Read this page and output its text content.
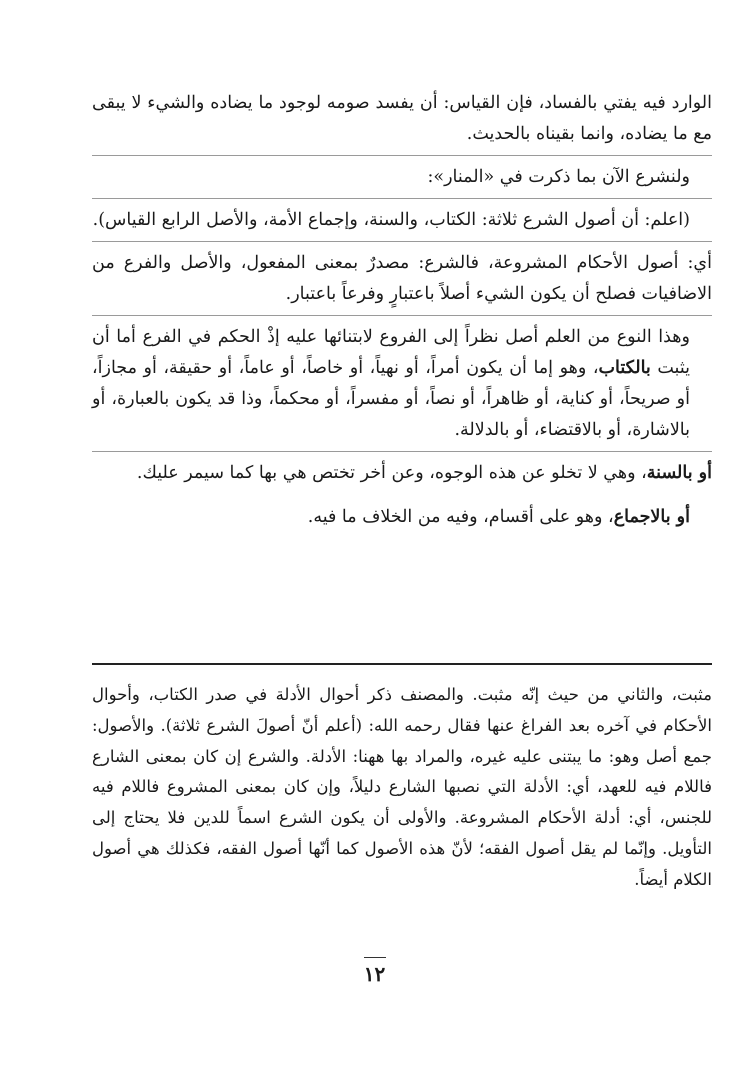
الوارد فيه يفتي بالفساد، فإن القياس: أن يفسد صومه لوجود ما يضاده والشيء لا يبقى مع ما يضاده، وانما بقيناه بالحديث.

ولنشرع الآن بما ذكرت في «المنار»:

(اعلم: أن أصول الشرع ثلاثة: الكتاب، والسنة، وإجماع الأمة، والأصل الرابع القياس).

أي: أصول الأحكام المشروعة، فالشرع: مصدرٌ بمعنى المفعول، والأصل والفرع من الاضافيات فصلح أن يكون الشيء أصلاً باعتبارٍ وفرعاً باعتبار.

وهذا النوع من العلم أصل نظراً إلى الفروع لابتنائها عليه إذْ الحكم في الفرع أما أن يثبت بالكتاب، وهو إما أن يكون أمراً، أو نهياً، أو خاصاً، أو عاماً، أو حقيقة، أو مجازاً، أو صريحاً، أو كناية، أو ظاهراً، أو نصاً، أو مفسراً، أو محكماً، وذا قد يكون بالعبارة، أو بالاشارة، أو بالاقتضاء، أو بالدلالة.

أو بالسنة، وهي لا تخلو عن هذه الوجوه، وعن أخر تختص هي بها كما سيمر عليك.

أو بالاجماع، وهو على أقسام، وفيه من الخلاف ما فيه.

مثبت، والثاني من حيث إنّه مثبت. والمصنف ذكر أحوال الأدلة في صدر الكتاب، وأحوال الأحكام في آخره بعد الفراغ عنها فقال رحمه الله: (أعلم أنّ أصولَ الشرع ثلاثة). والأصول: جمع أصل وهو: ما يبتنى عليه غيره، والمراد بها ههنا: الأدلة. والشرع إن كان بمعنى الشارع فاللام فيه للعهد، أي: الأدلة التي نصبها الشارع دليلاً، وإن كان بمعنى المشروع فاللام فيه للجنس، أي: أدلة الأحكام المشروعة. والأولى أن يكون الشرع اسماً للدين فلا يحتاج إلى التأويل. وإنّما لم يقل أصول الفقه؛ لأنّ هذه الأصول كما أنّها أصول الفقه، فكذلك هي أصول الكلام أيضاً.

١٢
